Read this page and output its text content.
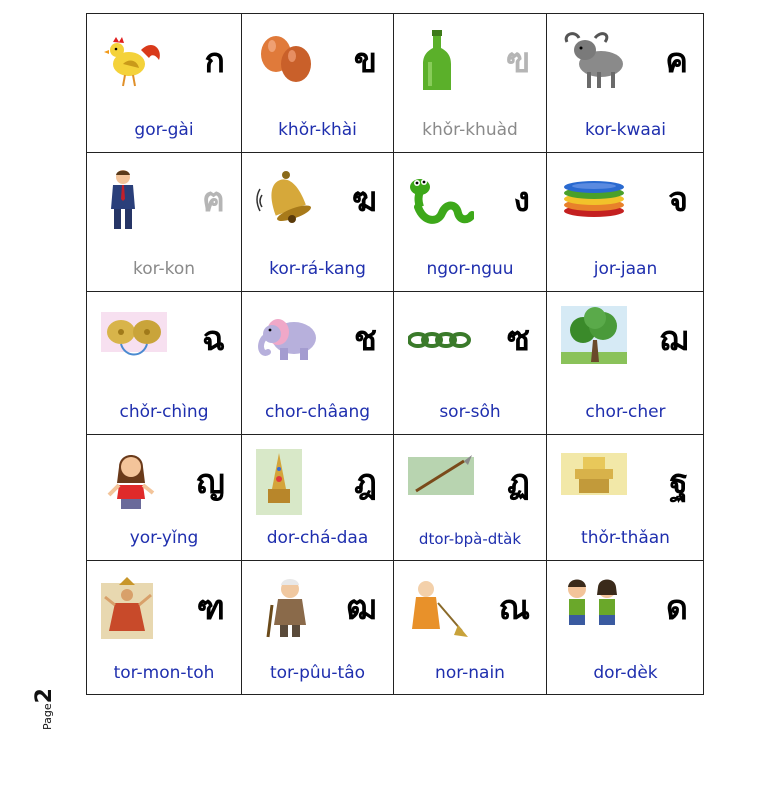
ก
gor-gài
ข
khǒr-khài
ฃ
khǒr-khuàd
ค
kor-kwaai
ฅ
kor-kon
ฆ
kor-rá-kang
ง
ngor-nguu
จ
jor-jaan
ฉ
chǒr-chìng
ช
chor-châang
ซ
sor-sôh
ฌ
chor-cher
ญ
yor-yǐng
ฎ
dor-chá-daa
ฏ
dtor-bpà-dtàk
ฐ
thǒr-thǎan
ฑ
tor-mon-toh
ฒ
tor-pûu-tâo
ณ
nor-nain
ด
dor-dèk
Page2
